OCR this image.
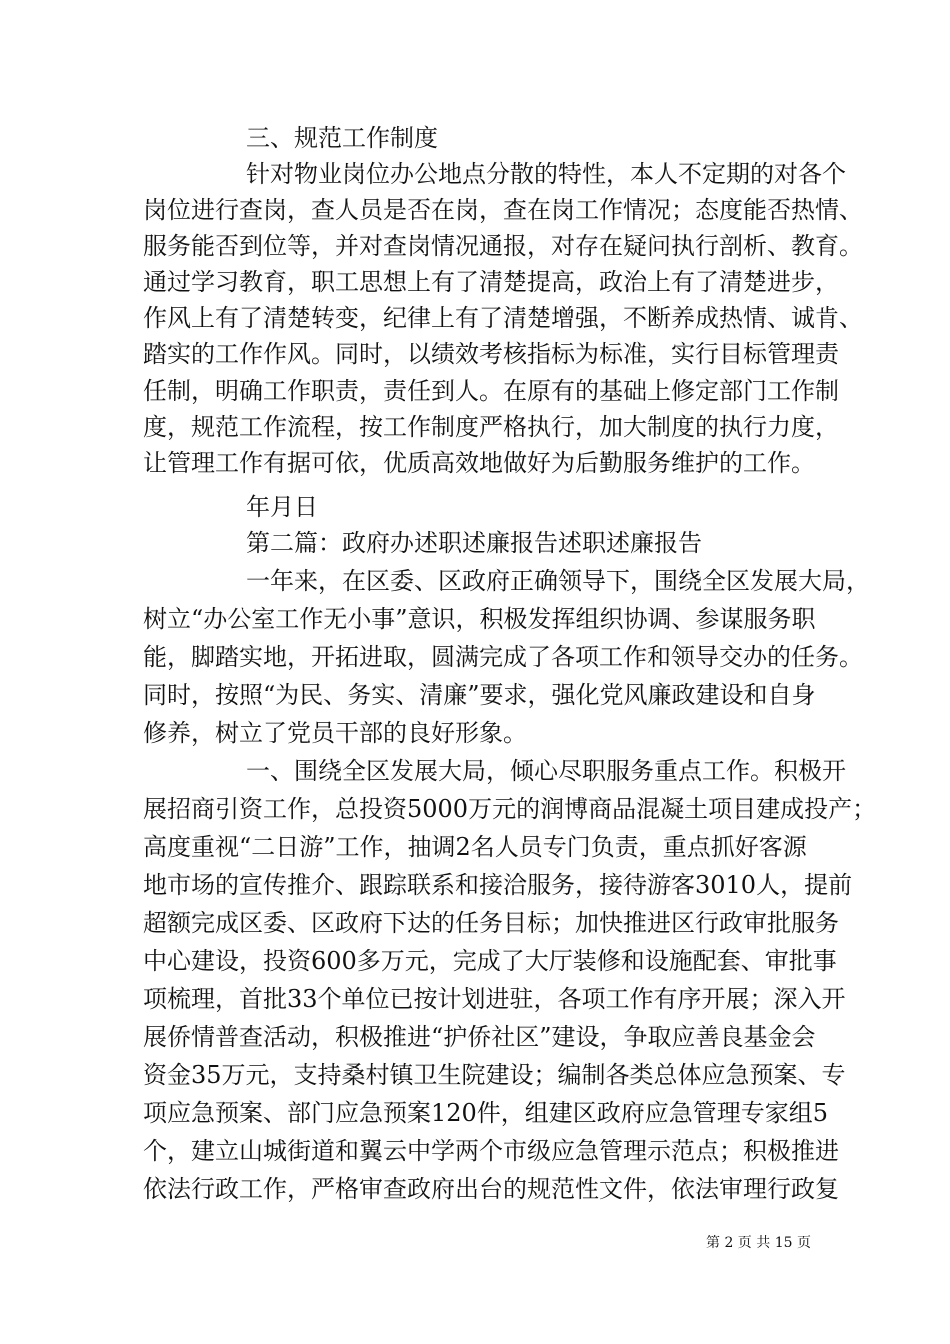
三、规范工作制度
针对物业岗位办公地点分散的特性，本人不定期的对各个
岗位进行查岗，查人员是否在岗，查在岗工作情况；态度能否热情、
服务能否到位等，并对查岗情况通报，对存在疑问执行剖析、教育。
通过学习教育，职工思想上有了清楚提高，政治上有了清楚进步，
作风上有了清楚转变，纪律上有了清楚增强，不断养成热情、诚肯、
踏实的工作作风。同时，以绩效考核指标为标准，实行目标管理责
任制，明确工作职责，责任到人。在原有的基础上修定部门工作制
度，规范工作流程，按工作制度严格执行，加大制度的执行力度，
让管理工作有据可依，优质高效地做好为后勤服务维护的工作。
年月日
第二篇：政府办述职述廉报告述职述廉报告
一年来，在区委、区政府正确领导下，围绕全区发展大局，
树立“办公室工作无小事”意识，积极发挥组织协调、参谋服务职
能，脚踏实地，开拓进取，圆满完成了各项工作和领导交办的任务。
同时，按照“为民、务实、清廉”要求，强化党风廉政建设和自身
修养，树立了党员干部的良好形象。
一、围绕全区发展大局，倾心尽职服务重点工作。积极开
展招商引资工作，总投资5000万元的润博商品混凝土项目建成投产；
高度重视“二日游”工作，抽调2名人员专门负责，重点抓好客源
地市场的宣传推介、跟踪联系和接洽服务，接待游客3010人，提前
超额完成区委、区政府下达的任务目标；加快推进区行政审批服务
中心建设，投资600多万元，完成了大厅装修和设施配套、审批事
项梳理，首批33个单位已按计划进驻，各项工作有序开展；深入开
展侨情普查活动，积极推进“护侨社区”建设，争取应善良基金会
资金35万元，支持桑村镇卫生院建设；编制各类总体应急预案、专
项应急预案、部门应急预案120件，组建区政府应急管理专家组5
个，建立山城街道和翼云中学两个市级应急管理示范点；积极推进
依法行政工作，严格审查政府出台的规范性文件，依法审理行政复
第 2 页 共 15 页
